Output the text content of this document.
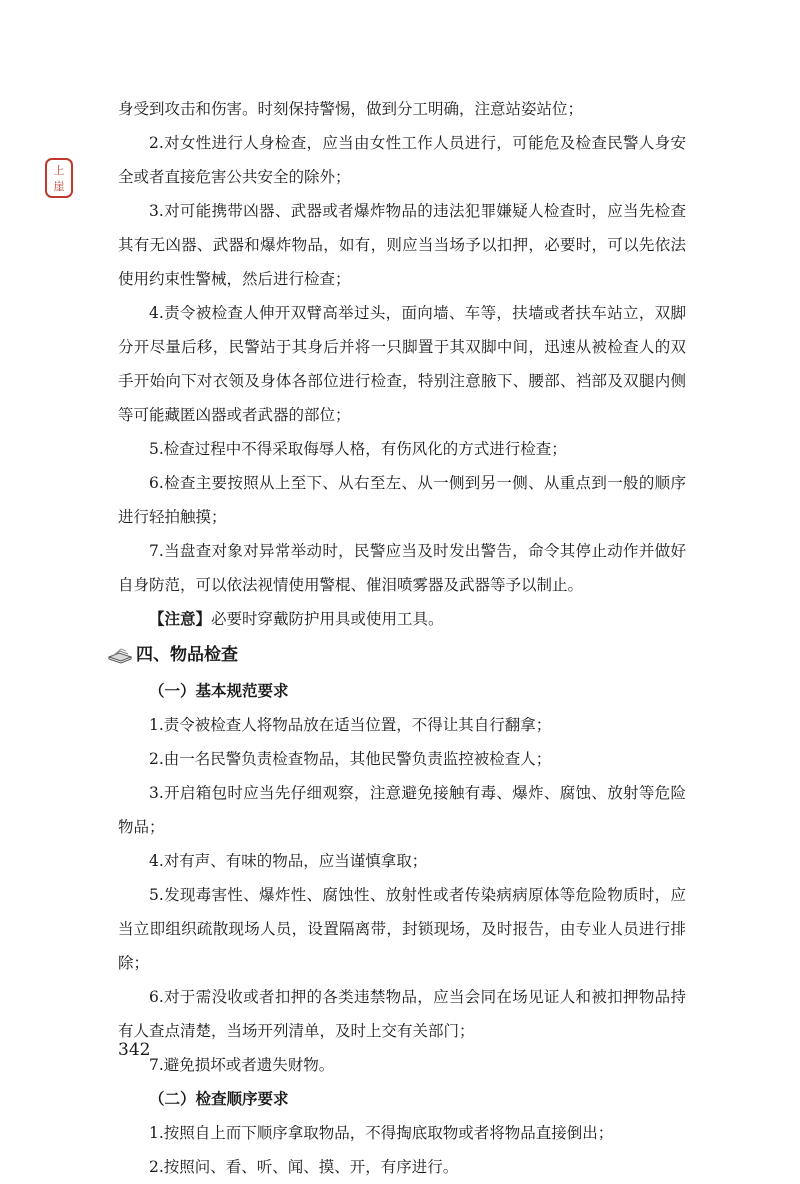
上
崖

身受到攻击和伤害。时刻保持警惕，做到分工明确，注意站姿站位；

2.对女性进行人身检查，应当由女性工作人员进行，可能危及检查民警人身安全或者直接危害公共安全的除外；

3.对可能携带凶器、武器或者爆炸物品的违法犯罪嫌疑人检查时，应当先检查其有无凶器、武器和爆炸物品，如有，则应当当场予以扣押，必要时，可以先依法使用约束性警械，然后进行检查；

4.责令被检查人伸开双臂高举过头，面向墙、车等，扶墙或者扶车站立，双脚分开尽量后移，民警站于其身后并将一只脚置于其双脚中间，迅速从被检查人的双手开始向下对衣领及身体各部位进行检查，特别注意腋下、腰部、裆部及双腿内侧等可能藏匿凶器或者武器的部位；

5.检查过程中不得采取侮辱人格，有伤风化的方式进行检查；

6.检查主要按照从上至下、从右至左、从一侧到另一侧、从重点到一般的顺序进行轻拍触摸；

7.当盘查对象对异常举动时，民警应当及时发出警告，命令其停止动作并做好自身防范，可以依法视情使用警棍、催泪喷雾器及武器等予以制止。

【注意】必要时穿戴防护用具或使用工具。

四、物品检查

（一）基本规范要求

1.责令被检查人将物品放在适当位置，不得让其自行翻拿；

2.由一名民警负责检查物品，其他民警负责监控被检查人；

3.开启箱包时应当先仔细观察，注意避免接触有毒、爆炸、腐蚀、放射等危险物品；

4.对有声、有味的物品，应当谨慎拿取；

5.发现毒害性、爆炸性、腐蚀性、放射性或者传染病病原体等危险物质时，应当立即组织疏散现场人员，设置隔离带，封锁现场，及时报告，由专业人员进行排除；

6.对于需没收或者扣押的各类违禁物品，应当会同在场见证人和被扣押物品持有人查点清楚，当场开列清单，及时上交有关部门；

7.避免损坏或者遗失财物。

（二）检查顺序要求

1.按照自上而下顺序拿取物品，不得掏底取物或者将物品直接倒出；

2.按照问、看、听、闻、摸、开，有序进行。

342
